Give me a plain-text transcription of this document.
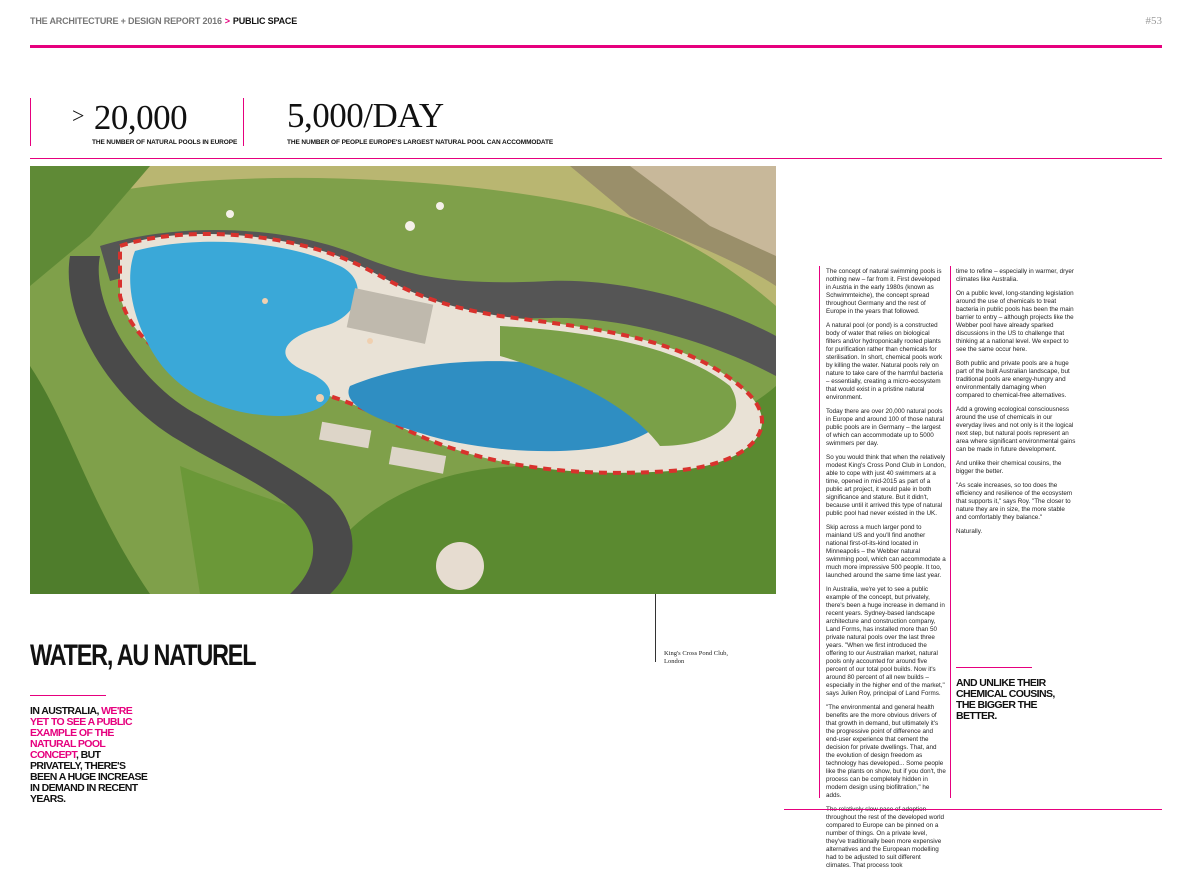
THE ARCHITECTURE + DESIGN REPORT 2016 > PUBLIC SPACE	#53
> 20,000
THE NUMBER OF NATURAL POOLS IN EUROPE
5,000/DAY
THE NUMBER OF PEOPLE EUROPE'S LARGEST NATURAL POOL CAN ACCOMMODATE
King's Cross Pond Club, London
WATER, AU NATUREL
IN AUSTRALIA, WE'RE YET TO SEE A PUBLIC EXAMPLE OF THE NATURAL POOL CONCEPT, BUT PRIVATELY, THERE'S BEEN A HUGE INCREASE IN DEMAND IN RECENT YEARS.

The concept of natural swimming pools is nothing new – far from it. First developed in Austria in the early 1980s (known as Schwimmteiche), the concept spread throughout Germany and the rest of Europe in the years that followed.

A natural pool (or pond) is a constructed body of water that relies on biological filters and/or hydroponically rooted plants for purification rather than chemicals for sterilisation. In short, chemical pools work by killing the water. Natural pools rely on nature to take care of the harmful bacteria – essentially, creating a micro-ecosystem that would exist in a pristine natural environment.

Today there are over 20,000 natural pools in Europe and around 100 of those natural public pools are in Germany – the largest of which can accommodate up to 5000 swimmers per day.

So you would think that when the relatively modest King's Cross Pond Club in London, able to cope with just 40 swimmers at a time, opened in mid-2015 as part of a public art project, it would pale in both significance and stature. But it didn't, because until it arrived this type of natural public pool had never existed in the UK.

Skip across a much larger pond to mainland US and you'll find another national first-of-its-kind located in Minneapolis – the Webber natural swimming pool, which can accommodate a much more impressive 500 people. It too, launched around the same time last year.

In Australia, we're yet to see a public example of the concept, but privately, there's been a huge increase in demand in recent years. Sydney-based landscape architecture and construction company, Land Forms, has installed more than 50 private natural pools over the last three years. "When we first introduced the offering to our Australian market, natural pools only accounted for around five percent of our total pool builds. Now it's around 80 percent of all new builds – especially in the higher end of the market," says Julien Roy, principal of Land Forms.

"The environmental and general health benefits are the more obvious drivers of that growth in demand, but ultimately it's the progressive point of difference and end-user experience that cement the decision for private dwellings. That, and the evolution of design freedom as technology has developed... Some people like the plants on show, but if you don't, the process can be completely hidden in modern design using biofiltration," he adds.

throughout the rest of the developed world compared to Europe can be pinned on a number of things. On a private level, they've traditionally been more expensive alternatives and the European modelling had to be adjusted to suit different climates. That process took

time to refine – especially in warmer, dryer climates like Australia.

On a public level, long-standing legislation around the use of chemicals to treat bacteria in public pools has been the main barrier to entry – although projects like the Webber pool have already sparked discussions in the US to challenge that thinking at a national level. We expect to see the same occur here.

Both public and private pools are a huge part of the built Australian landscape, but traditional pools are energy-hungry and environmentally damaging when compared to chemical-free alternatives.

Add a growing ecological consciousness around the use of chemicals in our everyday lives and not only is it the logical next step, but natural pools represent an area where significant environmental gains can be made in future development.

And unlike their chemical cousins, the bigger the better.

"As scale increases, so too does the efficiency and resilience of the ecosystem that supports it," says Roy. "The closer to nature they are in size, the more stable and comfortably they balance."

Naturally.

AND UNLIKE THEIR CHEMICAL COUSINS, THE BIGGER THE BETTER.
